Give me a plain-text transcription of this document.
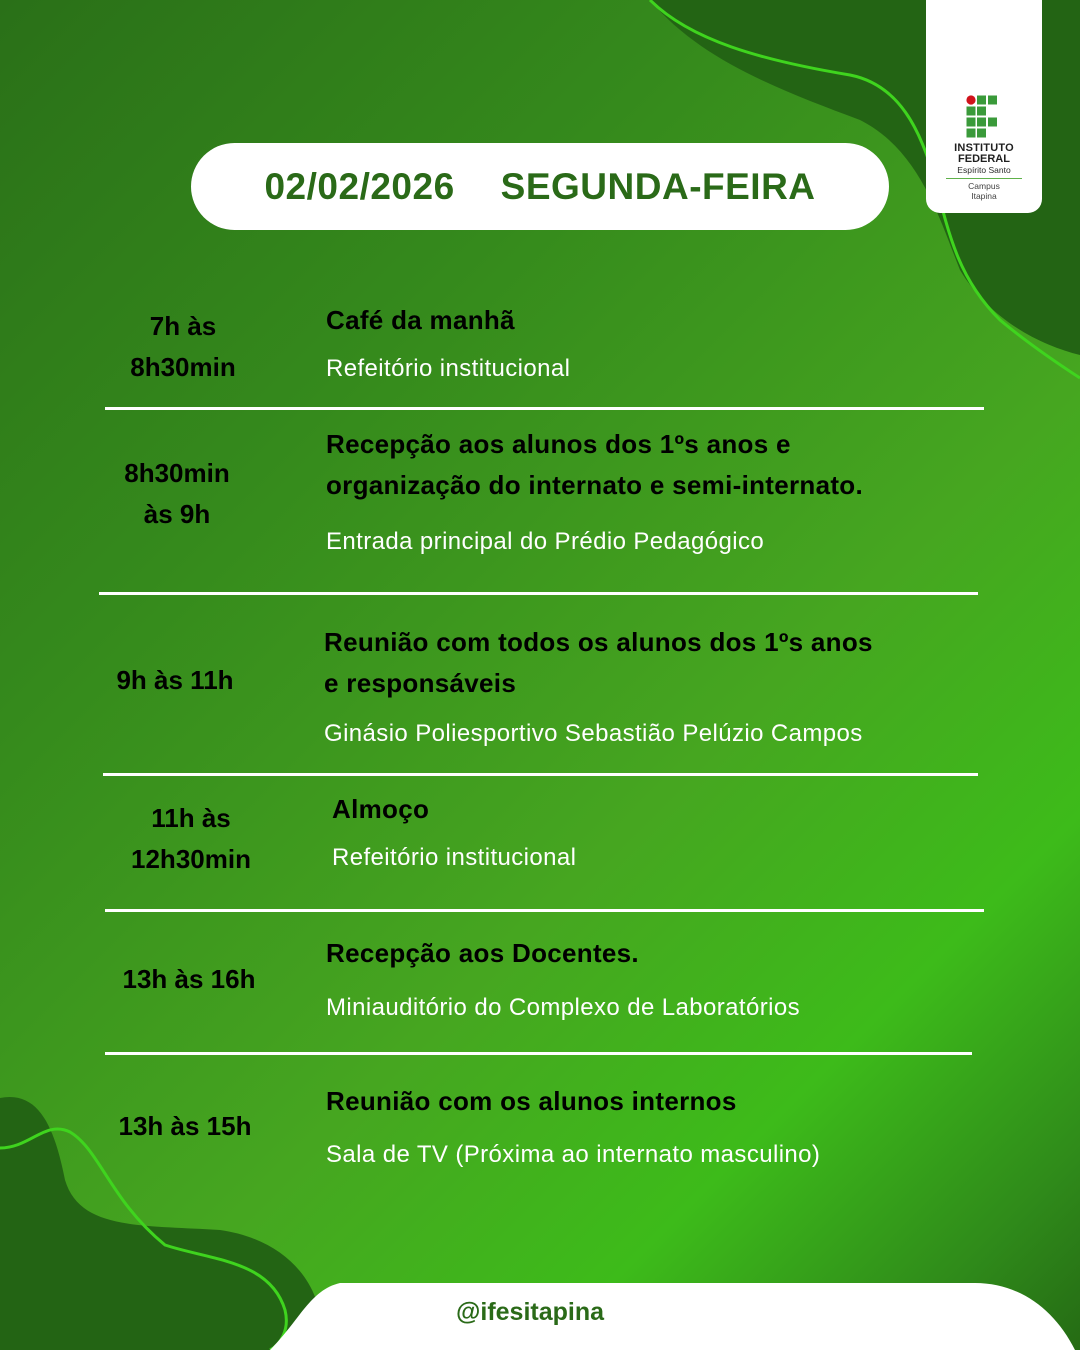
INSTITUTO
FEDERAL
Espírito Santo
Campus
Itapina
02/02/2026 SEGUNDA-FEIRA
7h às
8h30min
Café da manhã
Refeitório institucional
8h30min
às 9h
Recepção aos alunos dos 1ºs anos e
organização do internato e semi-internato.
Entrada principal do Prédio Pedagógico
9h às 11h
Reunião com todos os alunos dos 1ºs anos
e responsáveis
Ginásio Poliesportivo Sebastião Pelúzio Campos
11h às
12h30min
Almoço
Refeitório institucional
13h às 16h
Recepção aos Docentes.
Miniauditório do Complexo de Laboratórios
13h às 15h
Reunião com os alunos internos
Sala de TV (Próxima ao internato masculino)
@ifesitapina
